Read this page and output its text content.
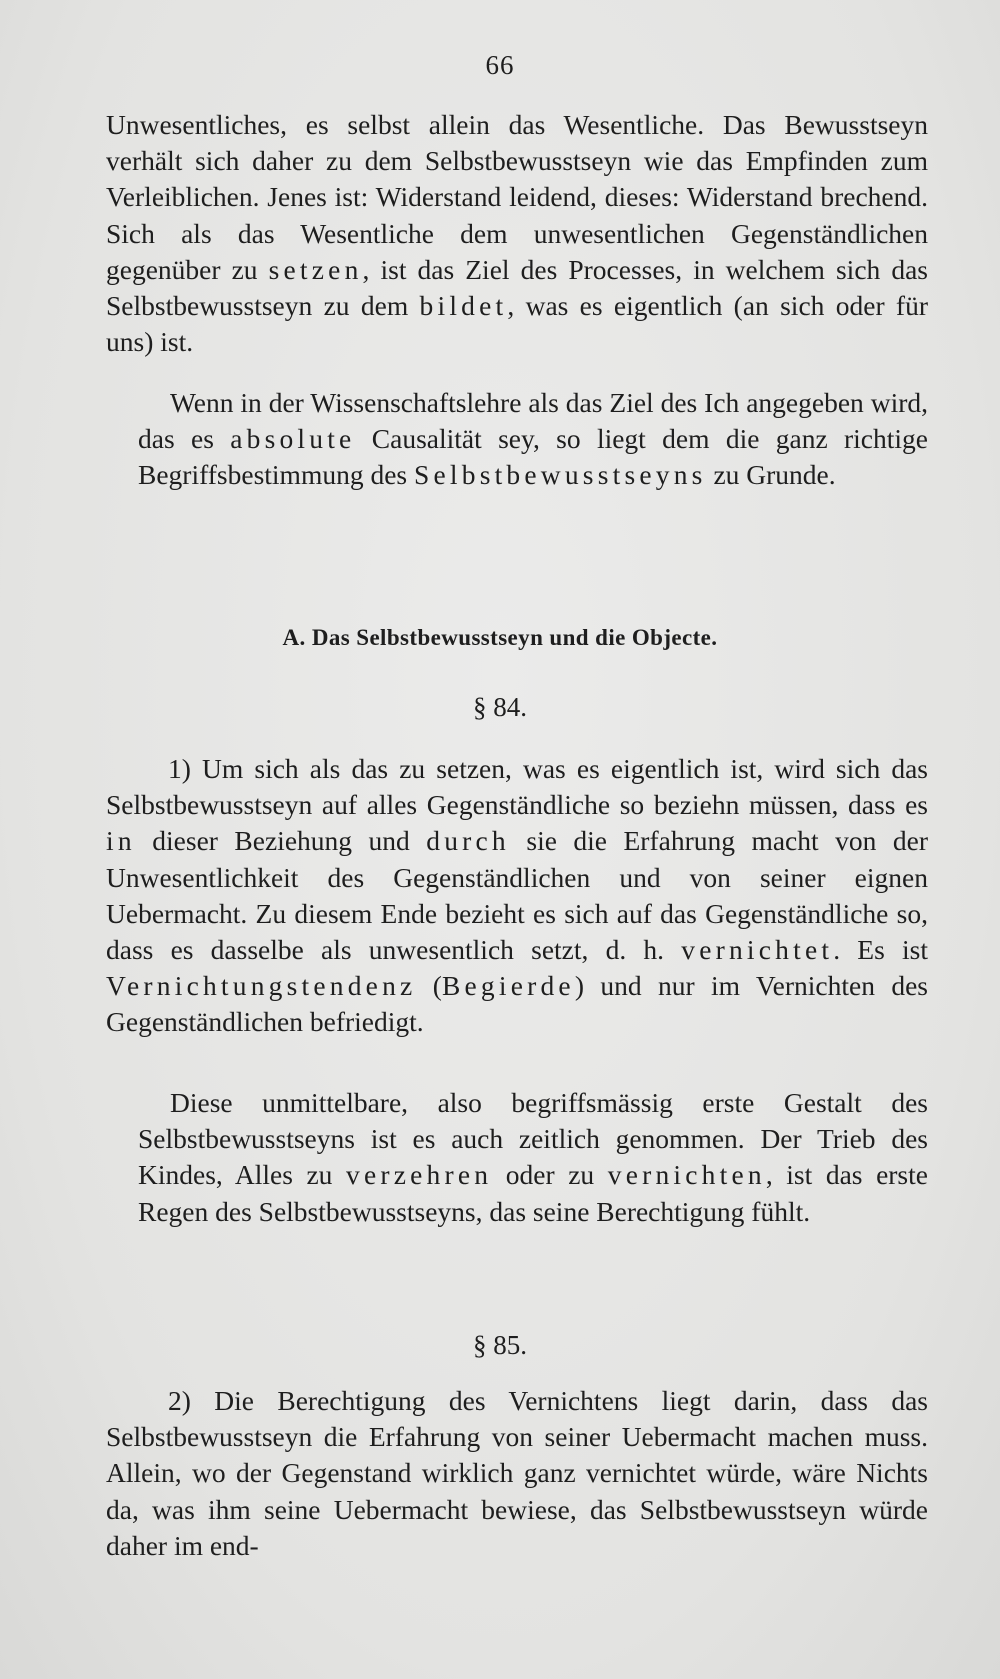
66

Unwesentliches, es selbst allein das Wesentliche. Das Bewusstseyn verhält sich daher zu dem Selbstbewusstseyn wie das Empfinden zum Verleiblichen. Jenes ist: Widerstand leidend, dieses: Widerstand brechend. Sich als das Wesentliche dem unwesentlichen Gegenständlichen gegenüber zu setzen, ist das Ziel des Processes, in welchem sich das Selbstbewusstseyn zu dem bildet, was es eigentlich (an sich oder für uns) ist.

Wenn in der Wissenschaftslehre als das Ziel des Ich angegeben wird, das es absolute Causalität sey, so liegt dem die ganz richtige Begriffsbestimmung des Selbstbewusstseyns zu Grunde.

A. Das Selbstbewusstseyn und die Objecte.
§ 84.

1) Um sich als das zu setzen, was es eigentlich ist, wird sich das Selbstbewusstseyn auf alles Gegenständliche so beziehn müssen, dass es in dieser Beziehung und durch sie die Erfahrung macht von der Unwesentlichkeit des Gegenständlichen und von seiner eignen Uebermacht. Zu diesem Ende bezieht es sich auf das Gegenständliche so, dass es dasselbe als unwesentlich setzt, d. h. vernichtet. Es ist Vernichtungstendenz (Begierde) und nur im Vernichten des Gegenständlichen befriedigt.

Diese unmittelbare, also begriffsmässig erste Gestalt des Selbstbewusstseyns ist es auch zeitlich genommen. Der Trieb des Kindes, Alles zu verzehren oder zu vernichten, ist das erste Regen des Selbstbewusstseyns, das seine Berechtigung fühlt.

§ 85.

2) Die Berechtigung des Vernichtens liegt darin, dass das Selbstbewusstseyn die Erfahrung von seiner Uebermacht machen muss. Allein, wo der Gegenstand wirklich ganz vernichtet würde, wäre Nichts da, was ihm seine Uebermacht bewiese, das Selbstbewusstseyn würde daher im end-
